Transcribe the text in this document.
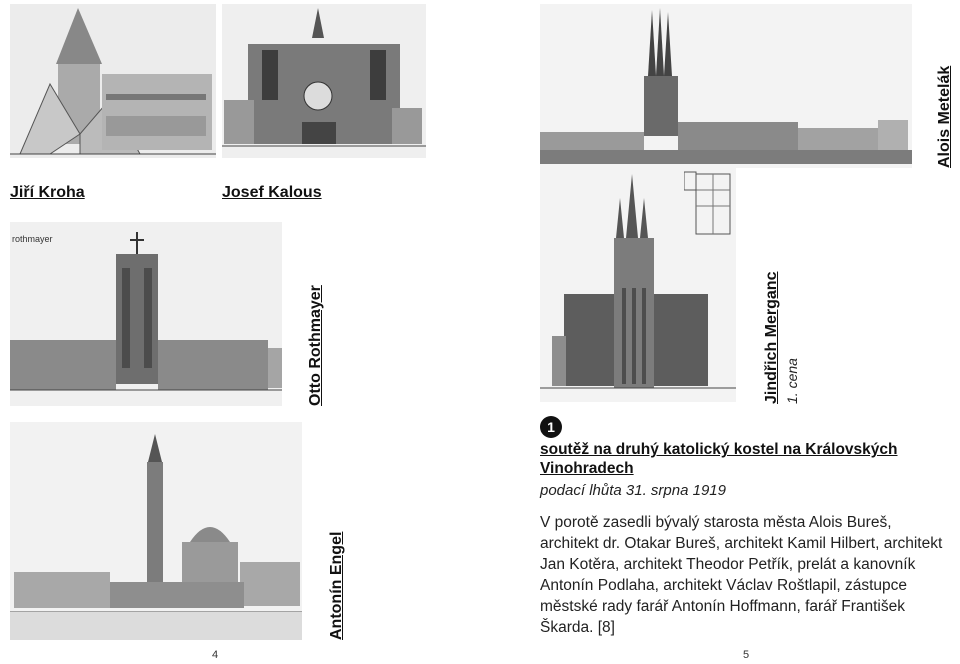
rothmayer
Jiří Kroha	Josef Kalous
Otto Rothmayer
Antonín Engel
4
Alois Metelák
Jindřich Merganc 1. cena
1
soutěž na druhý katolický kostel na Královských Vinohradech
podací lhůta 31. srpna 1919
V porotě zasedli bývalý starosta města Alois Bureš, architekt dr. Otakar Bureš, architekt Kamil Hilbert, architekt Jan Kotěra, architekt Theodor Petřík, prelát a kanovník Antonín Podlaha, architekt Václav Roštlapil, zástupce městské rady farář Antonín Hoffmann, farář František Škarda. [8]
5
